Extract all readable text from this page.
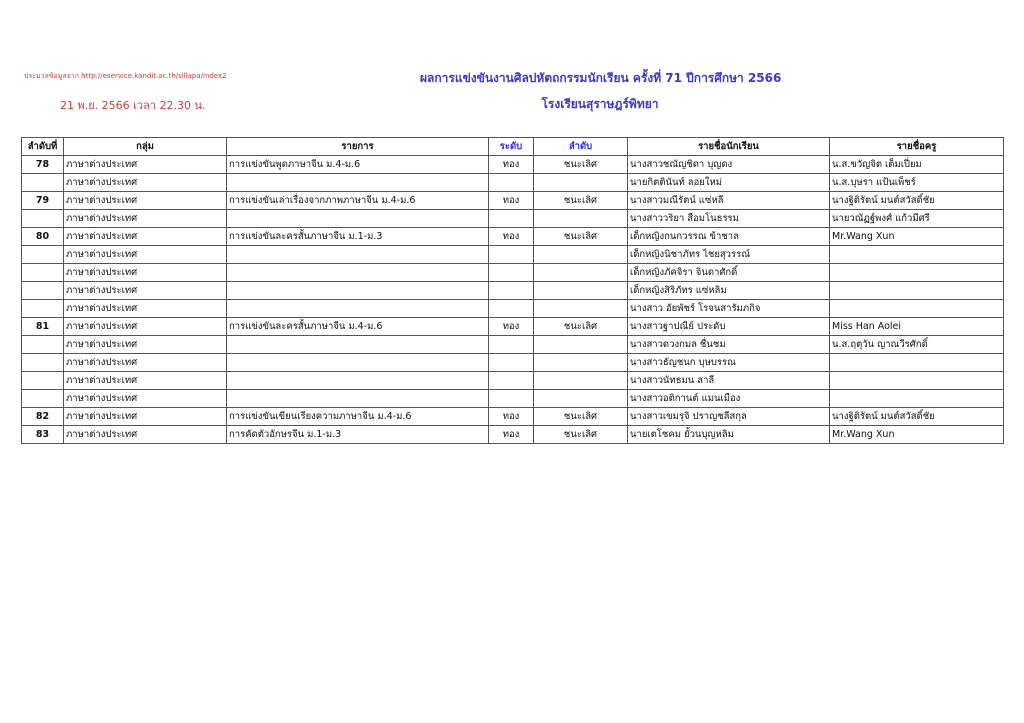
ประมวลข้อมูลจาก http://eservice.kandit.ac.th/sillapa/index2
21 พ.ย. 2566 เวลา 22.30 น.
ผลการแข่งขันงานศิลปหัตถกรรมนักเรียน ครั้งที่ 71 ปีการศึกษา 2566
โรงเรียนสุราษฎร์พิทยา
ลำดับที่	กลุ่ม	รายการ	ระดับ	ลำดับ	รายชื่อนักเรียน	รายชื่อครู
78	ภาษาต่างประเทศ	การแข่งขันพูดภาษาจีน ม.4-ม.6	ทอง	ชนะเลิศ	นางสาวชณัญชิดา บุญดง	น.ส.ขวัญจิต เต็มเปี่ยม
	ภาษาต่างประเทศ				นายกิตตินันท์ ลอยใหม่	น.ส.บุษรา แป้นเพ็ชร์
79	ภาษาต่างประเทศ	การแข่งขันเล่าเรื่องจากภาพภาษาจีน ม.4-ม.6	ทอง	ชนะเลิศ	นางสาวมณีรัตน์ แซ่หลี	นางฐิติรัตน์ มนต์สวัสดิ์ชัย
	ภาษาต่างประเทศ				นางสาววริยา สือมโนธรรม	นายวณัฏฐ์พงศ์ แก้วมีศรี
80	ภาษาต่างประเทศ	การแข่งขันละครสั้นภาษาจีน ม.1-ม.3	ทอง	ชนะเลิศ	เด็กหญิงกนกวรรณ ข้าชาล	Mr.Wang Xun
	ภาษาต่างประเทศ				เด็กหญิงนิชาภัทร ไชยสุวรรณ์	
	ภาษาต่างประเทศ				เด็กหญิงภัคจิรา จินดาศักดิ์	
	ภาษาต่างประเทศ				เด็กหญิงสิริภัทร แซ่หลิม	
	ภาษาต่างประเทศ				นางสาว อัยพัชร์ โรจนสารัมภกิจ	
81	ภาษาต่างประเทศ	การแข่งขันละครสั้นภาษาจีน ม.4-ม.6	ทอง	ชนะเลิศ	นางสาวฐาปณีย์ ประดับ	Miss Han Aolei
	ภาษาต่างประเทศ				นางสาวดวงกมล ชื่นชม	น.ส.ฤตุวัน ญาณวีรศักดิ์
	ภาษาต่างประเทศ				นางสาวธัญชนก บุษบรรณ	
	ภาษาต่างประเทศ				นางสาวนัทธมน สาลี	
	ภาษาต่างประเทศ				นางสาวอติกานต์ แมนเมือง	
82	ภาษาต่างประเทศ	การแข่งขันเขียนเรียงความภาษาจีน ม.4-ม.6	ทอง	ชนะเลิศ	นางสาวเขมรุจิ ปราญชลีสกุล	นางฐิติรัตน์ มนต์สวัสดิ์ชัย
83	ภาษาต่างประเทศ	การคัดตัวอักษรจีน ม.1-ม.3	ทอง	ชนะเลิศ	นายเตโชคม ยั้วนบุญหลิม	Mr.Wang Xun
